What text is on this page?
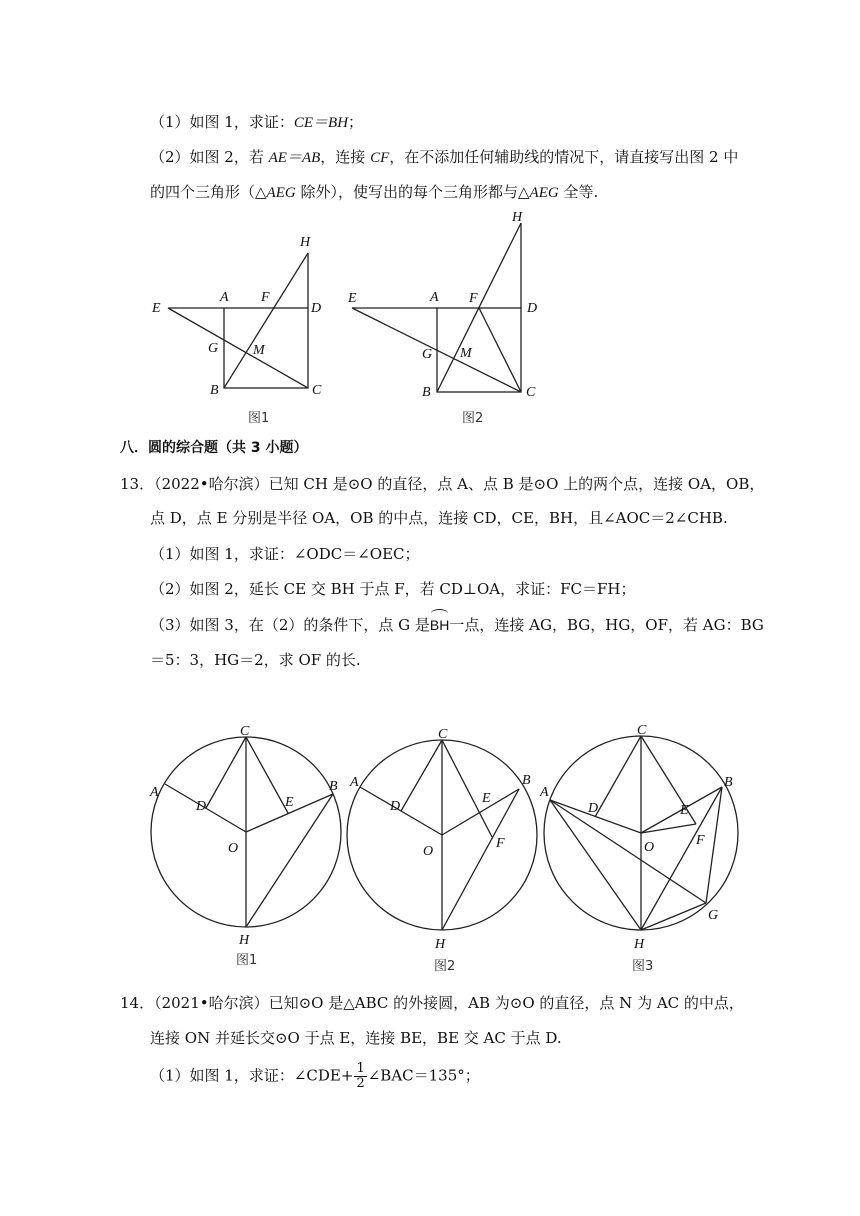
（1）如图 1，求证：CE＝BH；
（2）如图 2，若 AE＝AB，连接 CF，在不添加任何辅助线的情况下，请直接写出图 2 中
的四个三角形（△AEG 除外），使写出的每个三角形都与△AEG 全等.
H
E
A F
D
G M
B	C
图1
H
E	A F
D
G M
B	C
图2
八．圆的综合题（共 3 小题）
13．（2022•哈尔滨）已知 CH 是⊙O 的直径，点 A、点 B 是⊙O 上的两个点，连接 OA，OB，
点 D，点 E 分别是半径 OA，OB 的中点，连接 CD，CE，BH，且∠AOC＝2∠CHB.
（1）如图 1，求证：∠ODC＝∠OEC；
（2）如图 2，延长 CE 交 BH 于点 F，若 CD⊥OA，求证：FC＝FH；
（3）如图 3，在（2）的条件下，点 G 是BH一点，连接 AG，BG，HG，OF，若 AG：BG
＝5：3，HG＝2，求 OF 的长.
C
A	B
D	E
O
H
图1
C
A	B
D
E
O
F
H
图2
C
A
B
D	E
O	F
G
H
图3
14．（2021•哈尔滨）已知⊙O 是△ABC 的外接圆，AB 为⊙O 的直径，点 N 为 AC 的中点，
连接 ON 并延长交⊙O 于点 E，连接 BE，BE 交 AC 于点 D.
（1）如图 1，求证：∠CDE+ $\frac{1}{2}$ ∠BAC＝135°；
